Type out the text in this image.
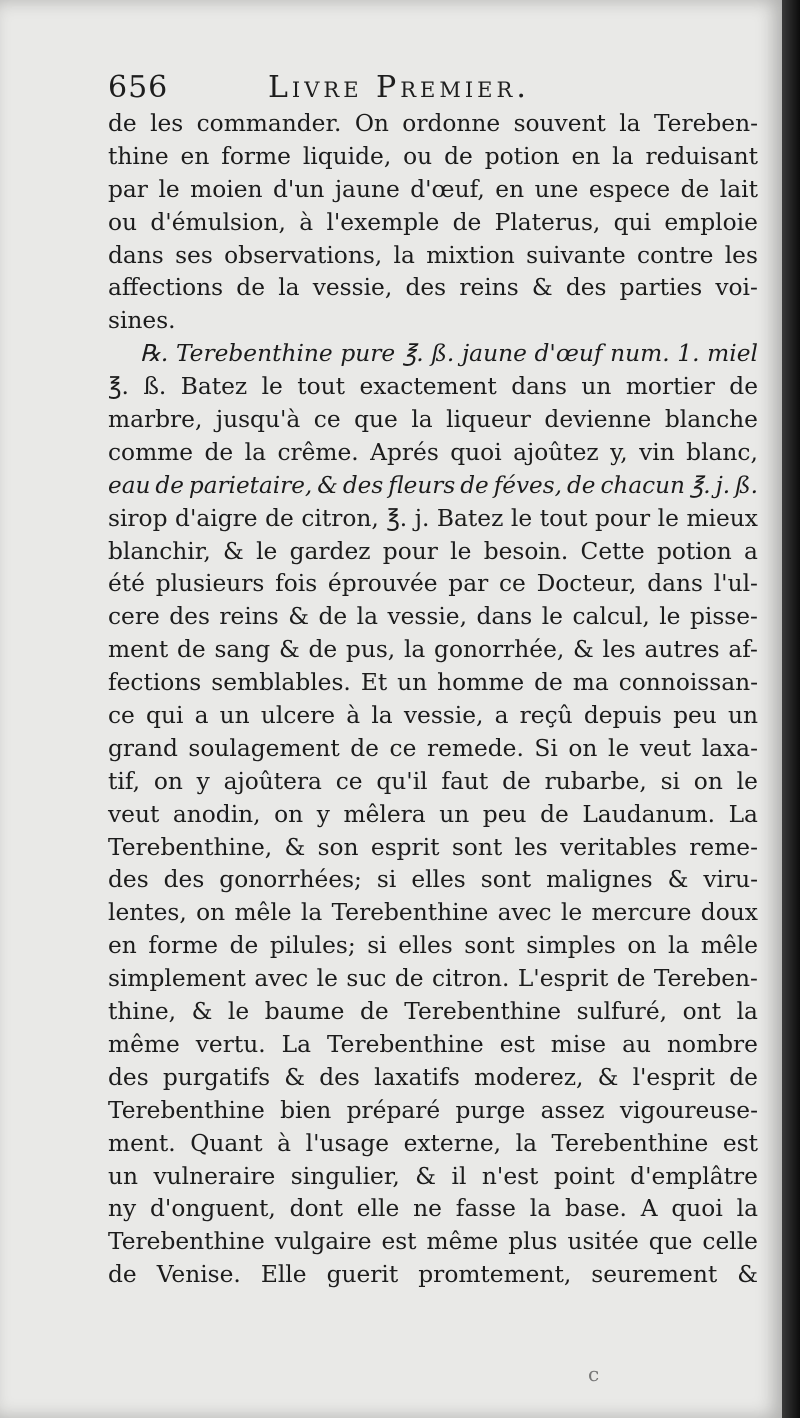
656	Livre Premier.
de les commander. On ordonne souvent la Tereben-
thine en forme liquide, ou de potion en la reduisant
par le moien d'un jaune d'œuf, en une espece de lait
ou d'émulsion, à l'exemple de Platerus, qui emploie
dans ses observations, la mixtion suivante contre les
affections de la vessie, des reins & des parties voi-
sines.
℞. Terebenthine pure ℥. ß. jaune d'œuf num. 1. miel
℥. ß. Batez le tout exactement dans un mortier de
marbre, jusqu'à ce que la liqueur devienne blanche
comme de la crême. Aprés quoi ajoûtez y, vin blanc,
eau de parietaire, & des fleurs de féves, de chacun ℥. j. ß.
sirop d'aigre de citron, ℥. j. Batez le tout pour le mieux
blanchir, & le gardez pour le besoin. Cette potion a
été plusieurs fois éprouvée par ce Docteur, dans l'ul-
cere des reins & de la vessie, dans le calcul, le pisse-
ment de sang & de pus, la gonorrhée, & les autres af-
fections semblables. Et un homme de ma connoissan-
ce qui a un ulcere à la vessie, a reçû depuis peu un
grand soulagement de ce remede. Si on le veut laxa-
tif, on y ajoûtera ce qu'il faut de rubarbe, si on le
veut anodin, on y mêlera un peu de Laudanum. La
Terebenthine, & son esprit sont les veritables reme-
des des gonorrhées; si elles sont malignes & viru-
lentes, on mêle la Terebenthine avec le mercure doux
en forme de pilules; si elles sont simples on la mêle
simplement avec le suc de citron. L'esprit de Tereben-
thine, & le baume de Terebenthine sulfuré, ont la
même vertu. La Terebenthine est mise au nombre
des purgatifs & des laxatifs moderez, & l'esprit de
Terebenthine bien préparé purge assez vigoureuse-
ment. Quant à l'usage externe, la Terebenthine est
un vulneraire singulier, & il n'est point d'emplâtre
ny d'onguent, dont elle ne fasse la base. A quoi la
Terebenthine vulgaire est même plus usitée que celle
de Venise. Elle guerit promtement, seurement &
c
